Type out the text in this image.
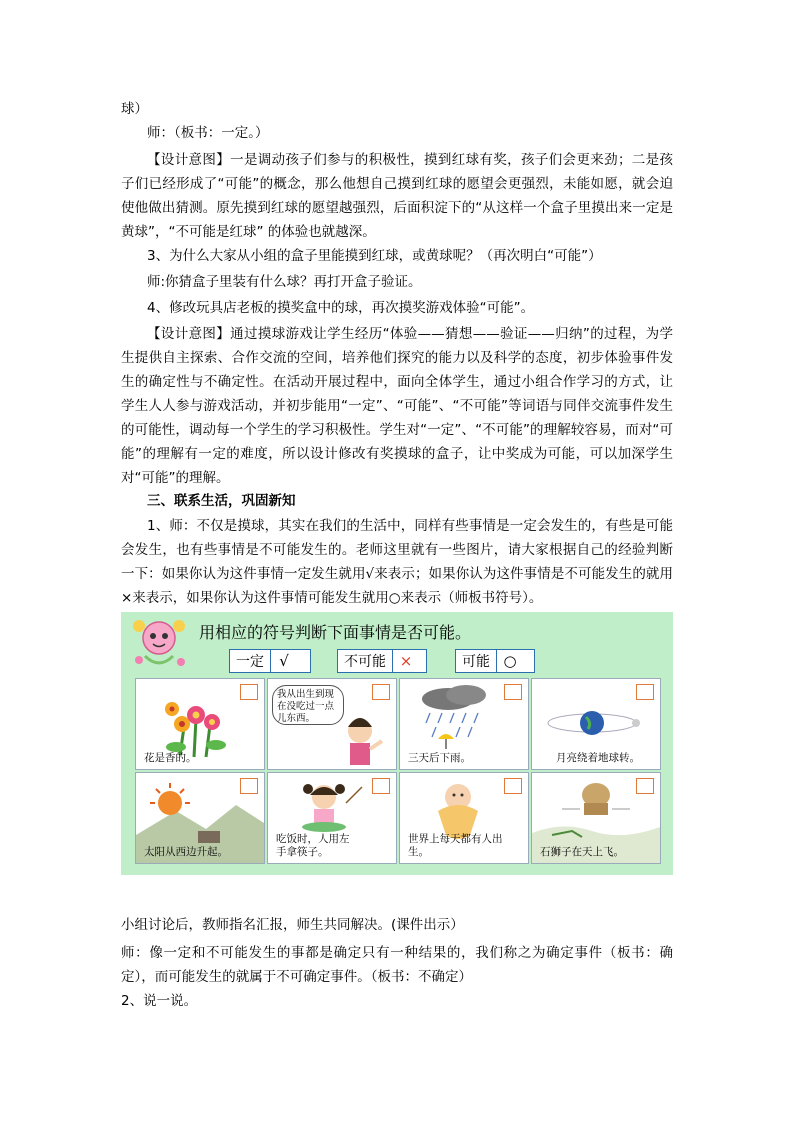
球）
师：（板书：一定。）
【设计意图】一是调动孩子们参与的积极性，摸到红球有奖，孩子们会更来劲；二是孩子们已经形成了“可能”的概念，那么他想自己摸到红球的愿望会更强烈，未能如愿，就会迫使他做出猜测。原先摸到红球的愿望越强烈，后面积淀下的“从这样一个盒子里摸出来一定是黄球”，“不可能是红球” 的体验也就越深。
3、为什么大家从小组的盒子里能摸到红球，或黄球呢？（再次明白“可能”）
师:你猜盒子里装有什么球？再打开盒子验证。
4、修改玩具店老板的摸奖盒中的球，再次摸奖游戏体验“可能”。
【设计意图】通过摸球游戏让学生经历“体验——猜想——验证——归纳”的过程，为学生提供自主探索、合作交流的空间，培养他们探究的能力以及科学的态度，初步体验事件发生的确定性与不确定性。在活动开展过程中，面向全体学生，通过小组合作学习的方式，让学生人人参与游戏活动，并初步能用“一定”、“可能”、“不可能”等词语与同伴交流事件发生的可能性，调动每一个学生的学习积极性。学生对“一定”、“不可能”的理解较容易，而对“可能”的理解有一定的难度，所以设计修改有奖摸球的盒子，让中奖成为可能，可以加深学生对“可能”的理解。
三、联系生活，巩固新知
1、师：不仅是摸球，其实在我们的生活中，同样有些事情是一定会发生的，有些是可能会发生，也有些事情是不可能发生的。老师这里就有一些图片，请大家根据自己的经验判断一下：如果你认为这件事情一定发生就用√来表示；如果你认为这件事情是不可能发生的就用×来表示，如果你认为这件事情可能发生就用○来表示（师板书符号）。
用相应的符号判断下面事情是否可能。
一定	√	不可能 ×	可能 ○
花是香的。
我从出生到现在没吃过一点儿东西。
三天后下雨。	月亮绕着地球转。
太阳从西边升起。
吃饭时，人用左手拿筷子。
世界上每天都有人出生。	石狮子在天上飞。
小组讨论后，教师指名汇报，师生共同解决。(课件出示）
师：像一定和不可能发生的事都是确定只有一种结果的，我们称之为确定事件（板书：确定），而可能发生的就属于不可确定事件。（板书：不确定）
2、说一说。
